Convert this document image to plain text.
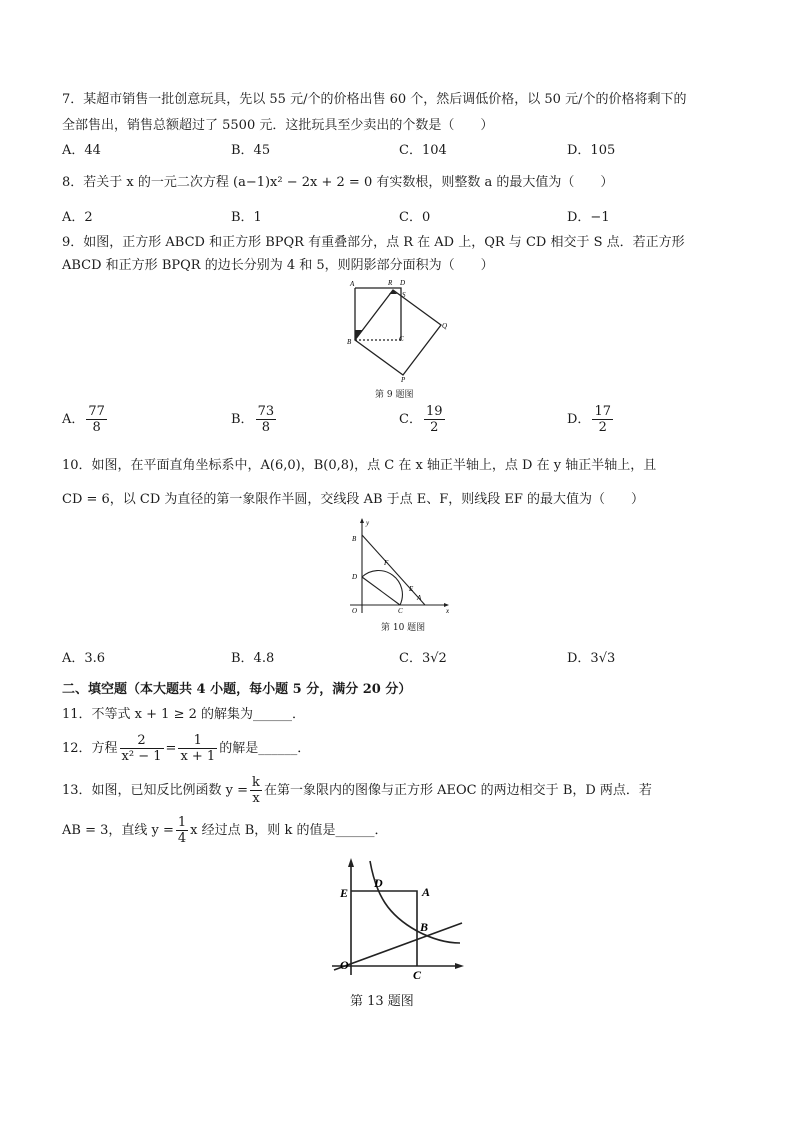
7．某超市销售一批创意玩具，先以 55 元/个的价格出售 60 个，然后调低价格，以 50 元/个的价格将剩下的
全部售出，销售总额超过了 5500 元．这批玩具至少卖出的个数是（　　）
A．44	B．45	C．104	D．105
8．若关于 x 的一元二次方程 (a−1)x² − 2x + 2 = 0 有实数根，则整数 a 的最大值为（　　）
A．2	B．1	C．0	D．−1
9．如图，正方形 ABCD 和正方形 BPQR 有重叠部分，点 R 在 AD 上，QR 与 CD 相交于 S 点．若正方形
ABCD 和正方形 BPQR 的边长分别为 4 和 5，则阴影部分面积为（　　）
A	R D
S
Q
B	C
P
第 9 题图
A． $\frac{77}{8}$	B． $\frac{73}{8}$	C． $\frac{19}{2}$	D． $\frac{17}{2}$
10．如图，在平面直角坐标系中，A(6,0)，B(0,8)，点 C 在 x 轴正半轴上，点 D 在 y 轴正半轴上，且
CD = 6，以 CD 为直径的第一象限作半圆，交线段 AB 于点 E、F，则线段 EF 的最大值为（　　）
y
B
F
D
E
A
O	C	x
第 10 题图
A．3.6	B．4.8	C．3√2	D．3√3
二、填空题（本大题共 4 小题，每小题 5 分，满分 20 分）
11．不等式 x + 1 ≥ 2 的解集为______．
12．方程 $\frac{2}{\text{x² − 1}} = \frac{1}{x + 1}$ 的解是______．
13．如图，已知反比例函数 $y = \frac{k}{x}$ 在第一象限内的图像与正方形 AEOC 的两边相交于 B，D 两点．若
AB = 3，直线 $y = \frac{1}{4}$ x 经过点 B，则 k 的值是______．
E
D
A
B
O
C
第 13 题图
